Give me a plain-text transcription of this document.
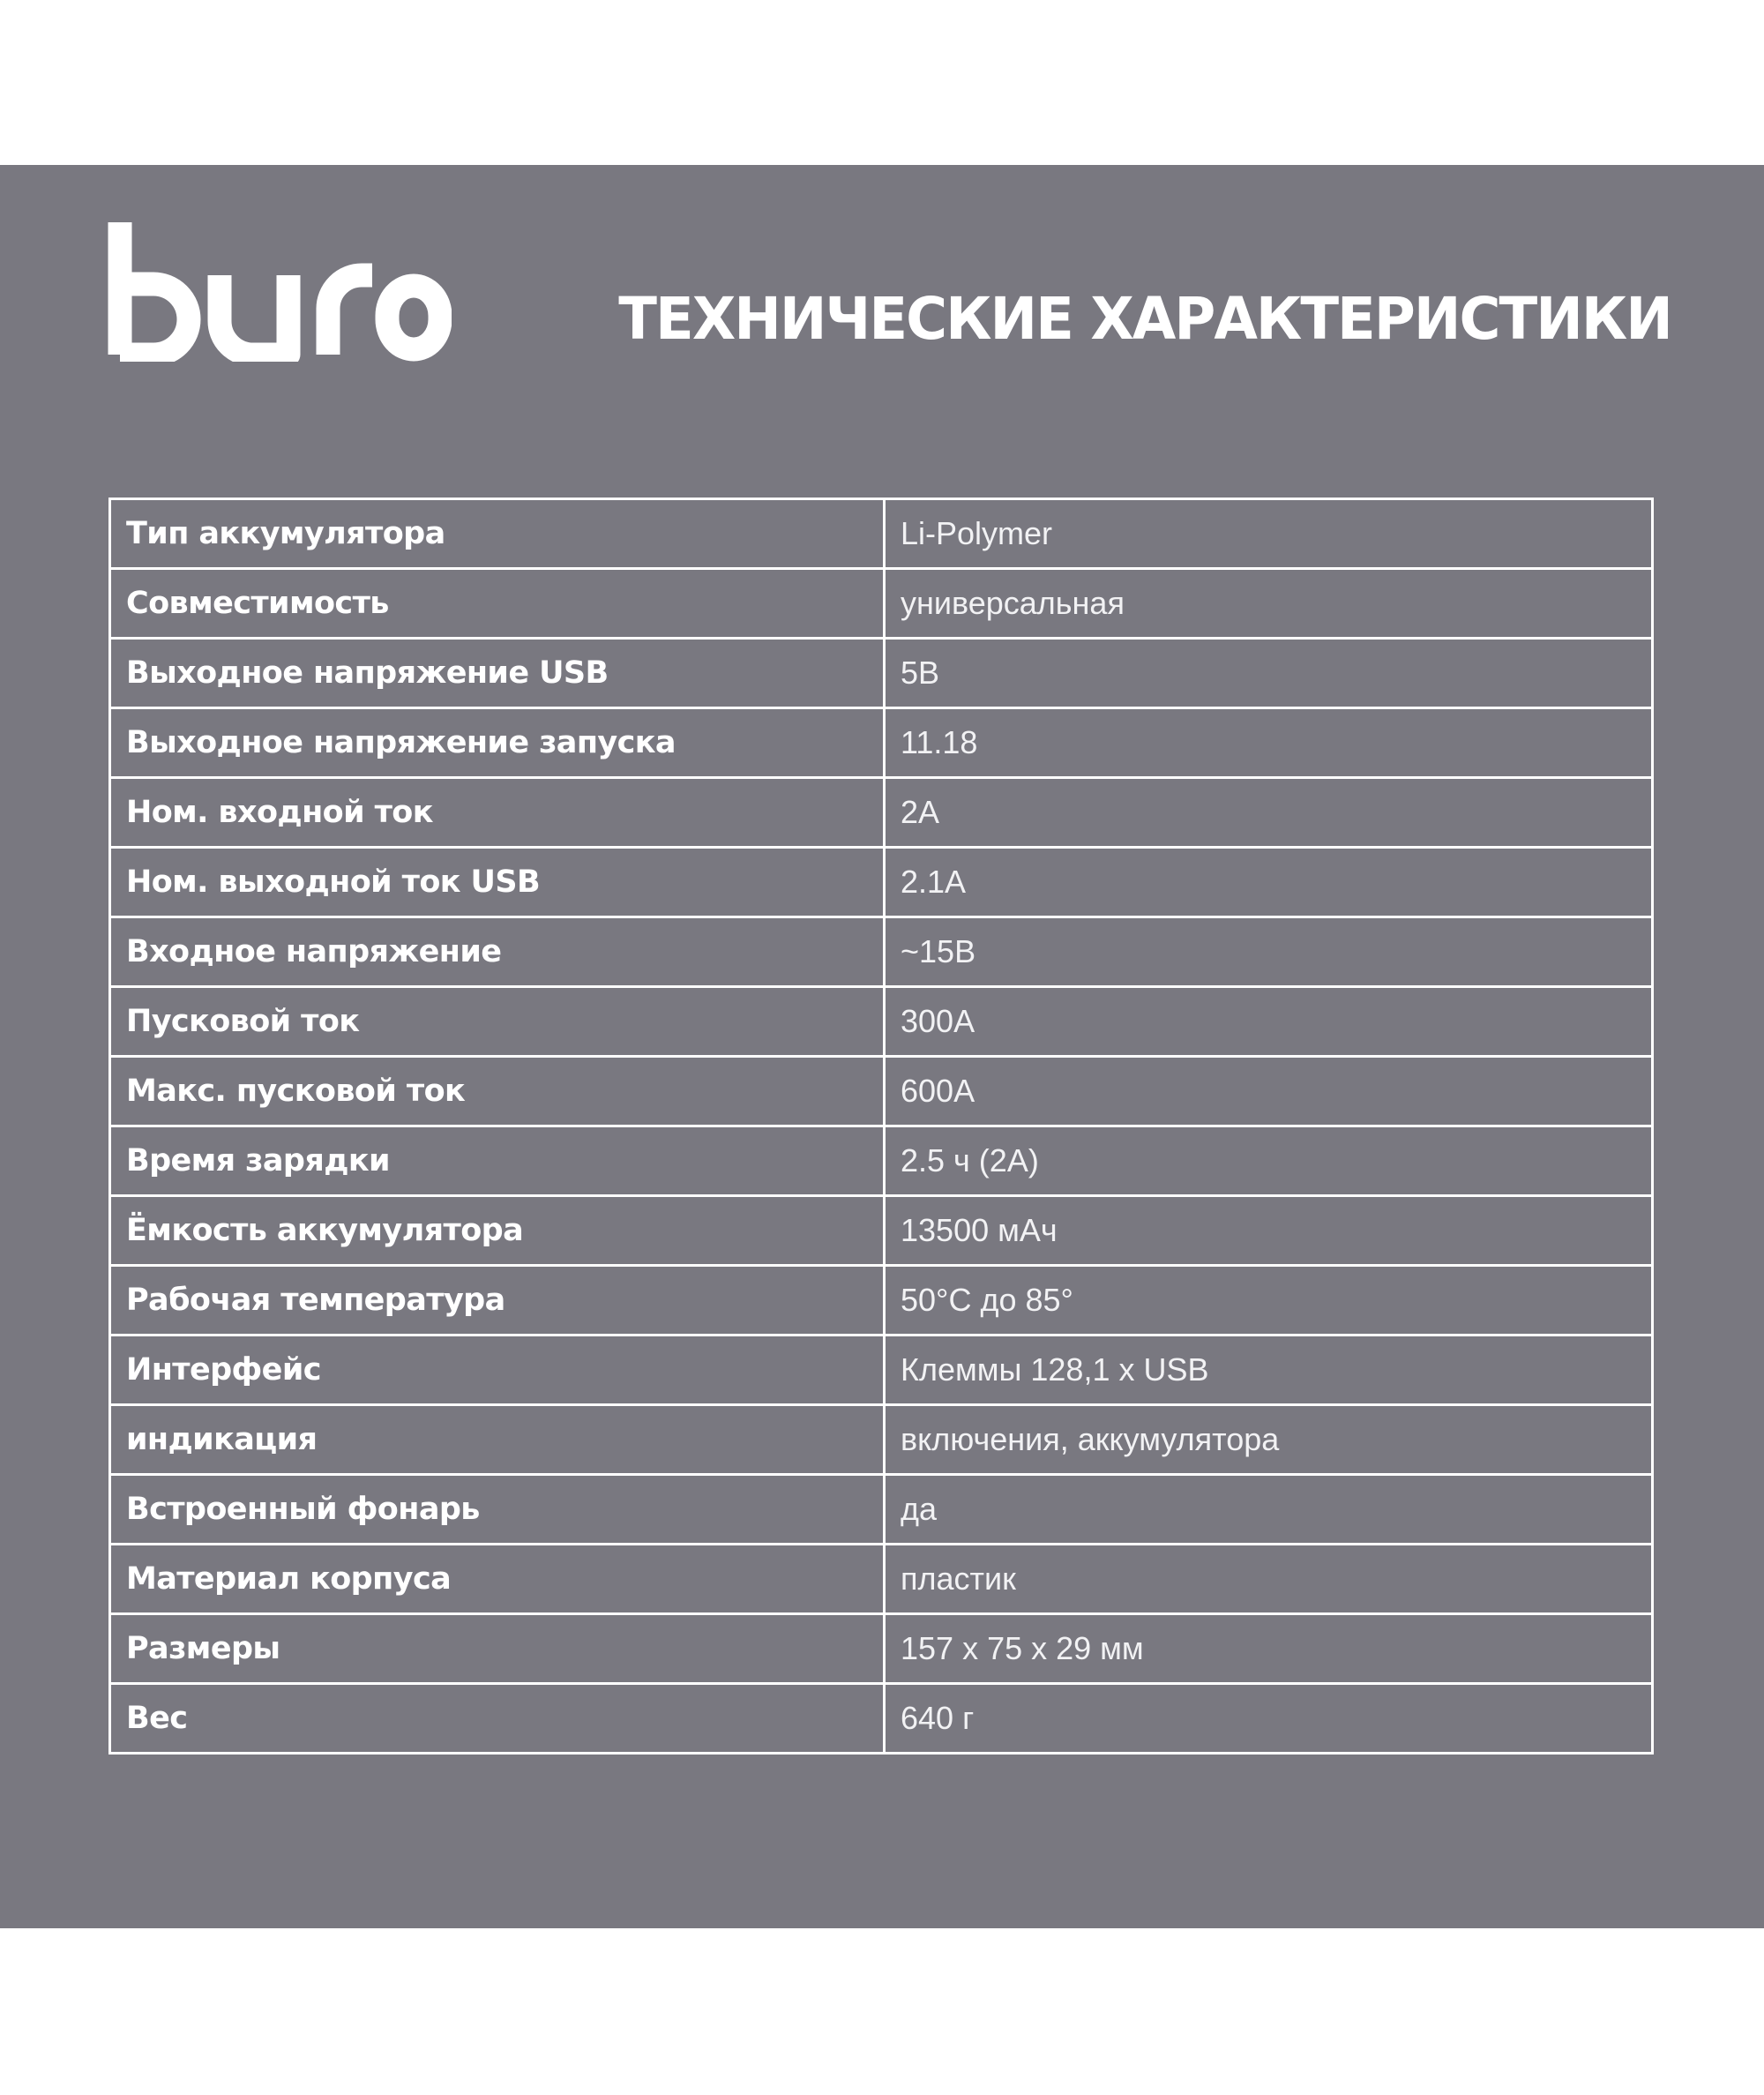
ТЕХНИЧЕСКИЕ ХАРАКТЕРИСТИКИ
Тип аккумулятора	Li-Polymer
Совместимость	универсальная
Выходное напряжение USB	5В
Выходное напряжение запуска	11.18
Ном. входной ток	2А
Ном. выходной ток USB	2.1А
Входное напряжение	~15В
Пусковой ток	300А
Макс. пусковой ток	600А
Время зарядки	2.5 ч (2А)
Ёмкость аккумулятора	13500 мАч
Рабочая температура	50°С до 85°
Интерфейс	Клеммы 128,1 x USB
индикация	включения, аккумулятора
Встроенный фонарь	да
Материал корпуса	пластик
Размеры	157 x 75 x 29 мм
Вес	640 г
